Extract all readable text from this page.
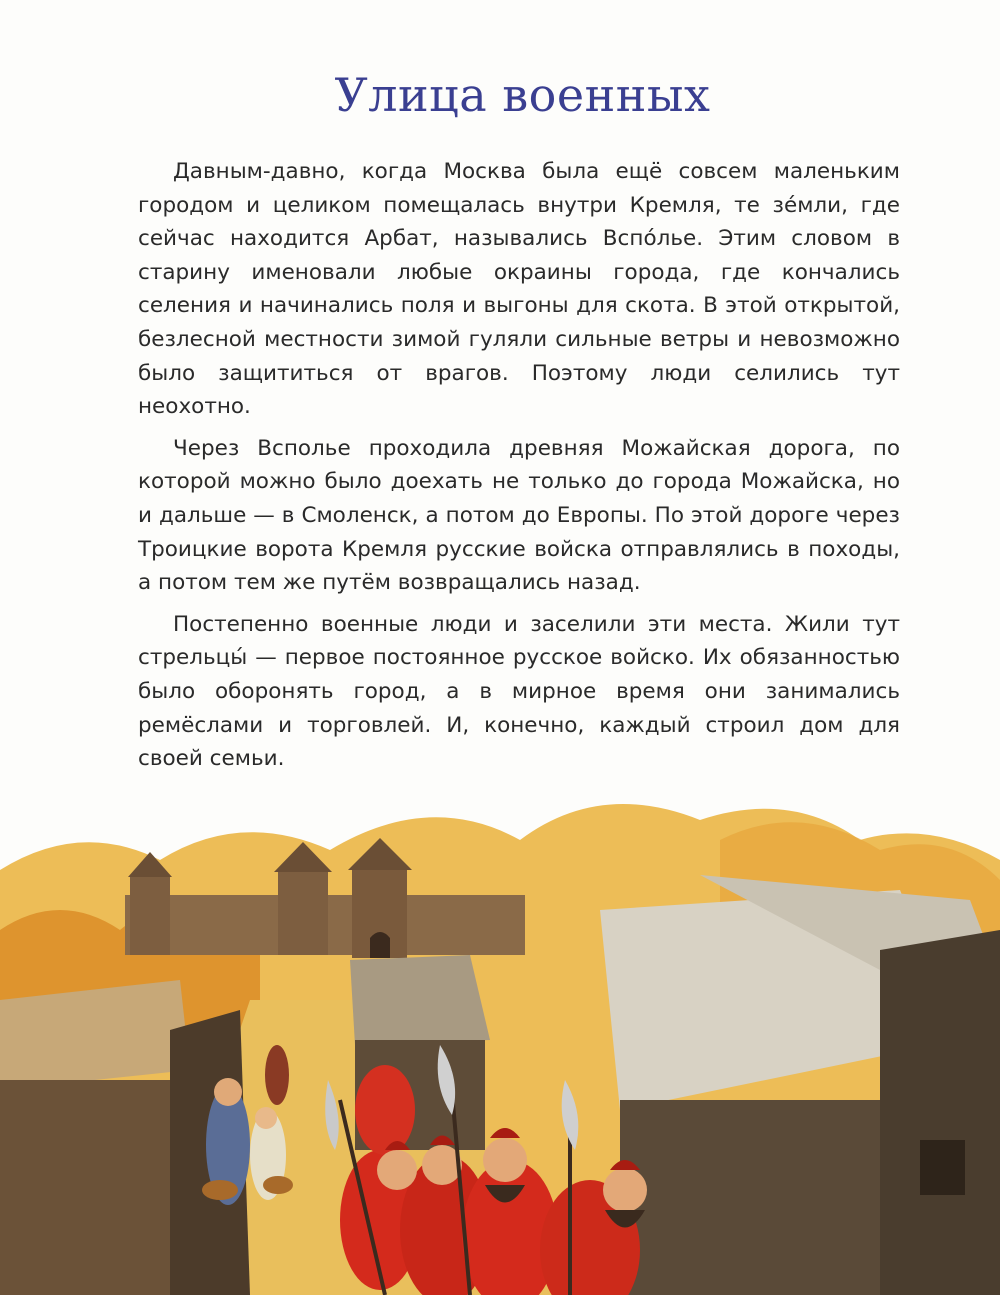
Улица военных

Давным-давно, когда Москва была ещё совсем маленьким городом и целиком помещалась внутри Кремля, те зе́мли, где сейчас находится Арбат, назывались Вспо́лье. Этим словом в старину именовали любые окраины города, где кончались селения и начинались поля и выгоны для скота. В этой открытой, безлесной местности зимой гуляли сильные ветры и невозможно было защититься от врагов. Поэтому люди селились тут неохотно.

Через Вспольe проходила древняя Можайская дорога, по которой можно было доехать не только до города Можайска, но и дальше — в Смоленск, а потом до Европы. По этой дороге через Троицкие ворота Кремля русские войска отправлялись в походы, а потом тем же путём возвращались назад.

Постепенно военные люди и заселили эти места. Жили тут стрельцы́ — первое постоянное русское войско. Их обязанностью было оборонять город, а в мирное время они занимались ремёслами и торговлей. И, конечно, каждый строил дом для своей семьи.
